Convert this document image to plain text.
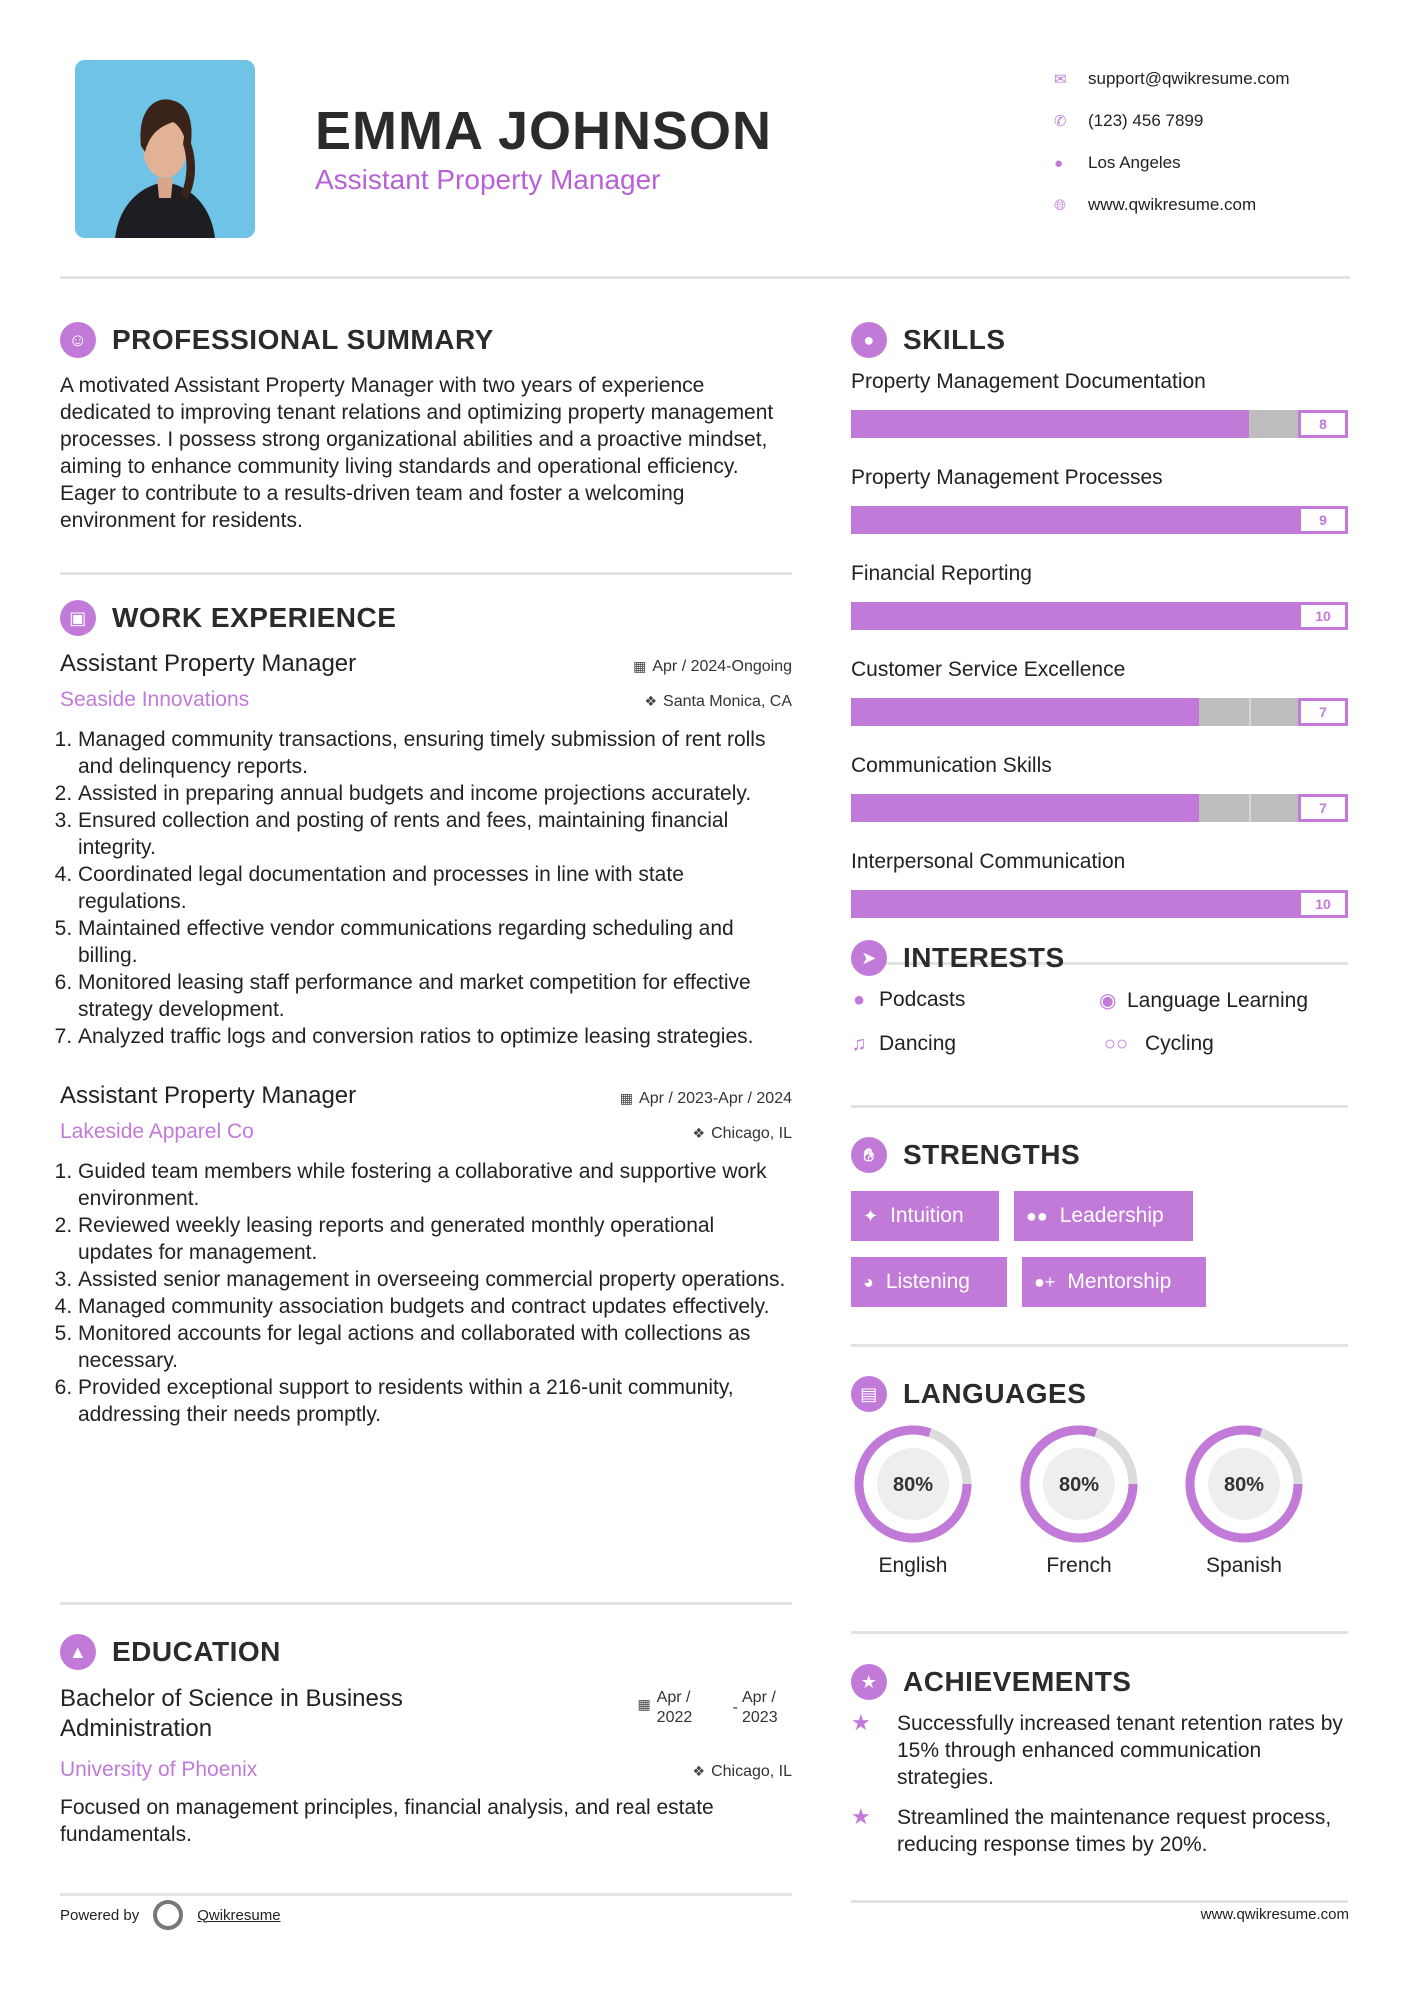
EMMA JOHNSON
Assistant Property Manager
✉	support@qwikresume.com
✆	(123) 456 7899
●	Los Angeles
🌐︎	www.qwikresume.com
☺ PROFESSIONAL SUMMARY
A motivated Assistant Property Manager with two years of experience dedicated to improving tenant relations and optimizing property management processes. I possess strong organizational abilities and a proactive mindset, aiming to enhance community living standards and operational efficiency. Eager to contribute to a results-driven team and foster a welcoming environment for residents.
▣ WORK EXPERIENCE
Assistant Property Manager	▦ Apr / 2024-Ongoing
Seaside Innovations	❖ Santa Monica, CA
1. Managed community transactions, ensuring timely submission of rent rolls and delinquency reports.
2. Assisted in preparing annual budgets and income projections accurately.
3. Ensured collection and posting of rents and fees, maintaining financial integrity.
4. Coordinated legal documentation and processes in line with state regulations.
5. Maintained effective vendor communications regarding scheduling and billing.
6. Monitored leasing staff performance and market competition for effective strategy development.
7. Analyzed traffic logs and conversion ratios to optimize leasing strategies.
Assistant Property Manager	▦ Apr / 2023-Apr / 2024
Lakeside Apparel Co	❖ Chicago, IL
1. Guided team members while fostering a collaborative and supportive work environment.
2. Reviewed weekly leasing reports and generated monthly operational updates for management.
3. Assisted senior management in overseeing commercial property operations.
4. Managed community association budgets and contract updates effectively.
5. Monitored accounts for legal actions and collaborated with collections as necessary.
6. Provided exceptional support to residents within a 216-unit community, addressing their needs promptly.
▲ EDUCATION
Bachelor of Science in Business Administration
▦ Apr / 2022
-
Apr / 2023
University of Phoenix	❖ Chicago, IL
Focused on management principles, financial analysis, and real estate fundamentals.
●	SKILLS
Property Management Documentation
8
Property Management Processes
9
Financial Reporting
10
Customer Service Excellence
7
Communication Skills
7
Interpersonal Communication
10
➤ INTERESTS
● Podcasts	◉ Language Learning
♫ Dancing	○○ Cycling
✋︎	STRENGTHS
✦ Intuition	●● Leadership
◕ Listening	●+ Mentorship
▤ LANGUAGES
80%
English
80%
French
80%
Spanish
★ ACHIEVEMENTS
★	Successfully increased tenant retention rates by 15% through enhanced communication strategies.
★	Streamlined the maintenance request process, reducing response times by 20%.
Powered by	Qwikresume	www.qwikresume.com
